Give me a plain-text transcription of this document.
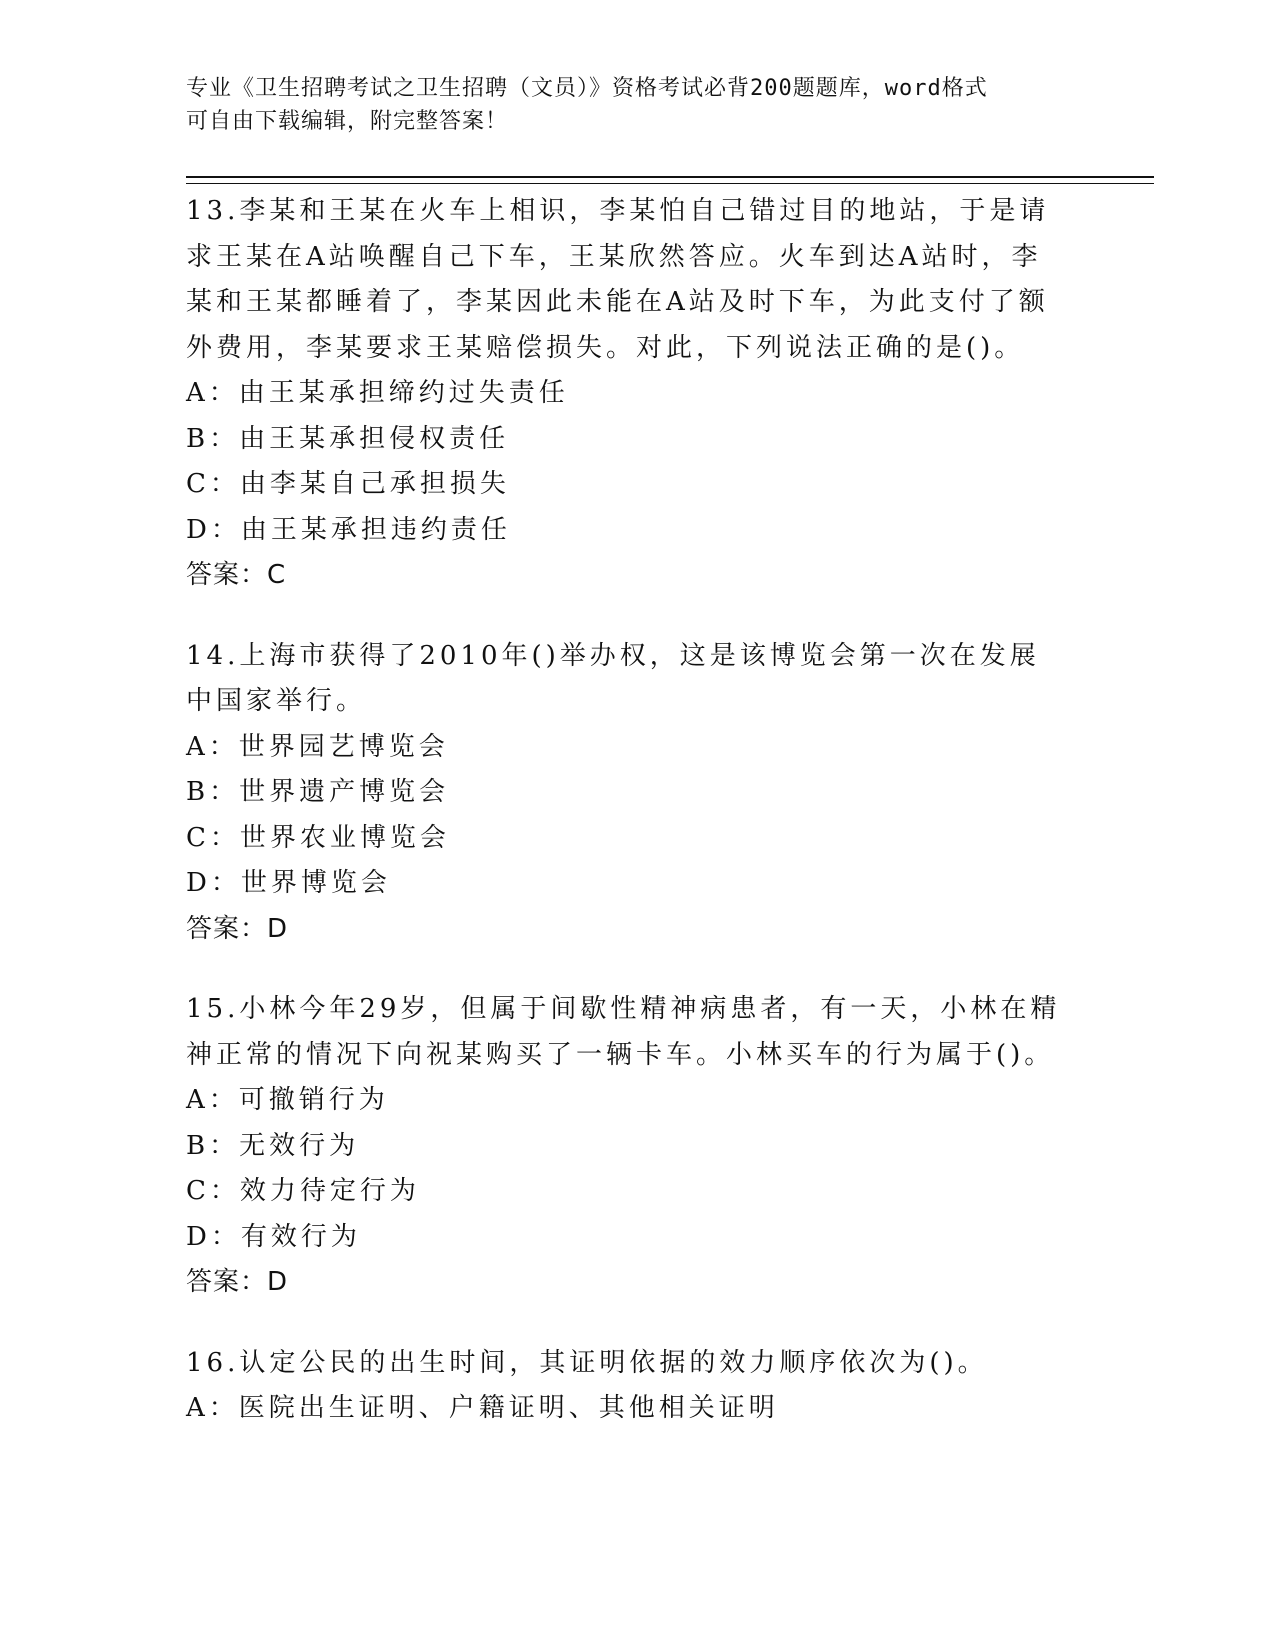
专业《卫生招聘考试之卫生招聘（文员）》资格考试必背200题题库，word格式
可自由下载编辑，附完整答案！

13.李某和王某在火车上相识，李某怕自己错过目的地站，于是请求王某在A站唤醒自己下车，王某欣然答应。火车到达A站时，李某和王某都睡着了，李某因此未能在A站及时下车，为此支付了额外费用，李某要求王某赔偿损失。对此，下列说法正确的是()。

A：由王某承担缔约过失责任

B：由王某承担侵权责任

C：由李某自己承担损失

D：由王某承担违约责任

答案：C

14.上海市获得了2010年()举办权，这是该博览会第一次在发展中国家举行。

A：世界园艺博览会

B：世界遗产博览会

C：世界农业博览会

D：世界博览会

答案：D

15.小林今年29岁，但属于间歇性精神病患者，有一天，小林在精神正常的情况下向祝某购买了一辆卡车。小林买车的行为属于()。

A：可撤销行为

B：无效行为

C：效力待定行为

D：有效行为

答案：D

16.认定公民的出生时间，其证明依据的效力顺序依次为()。

A：医院出生证明、户籍证明、其他相关证明
